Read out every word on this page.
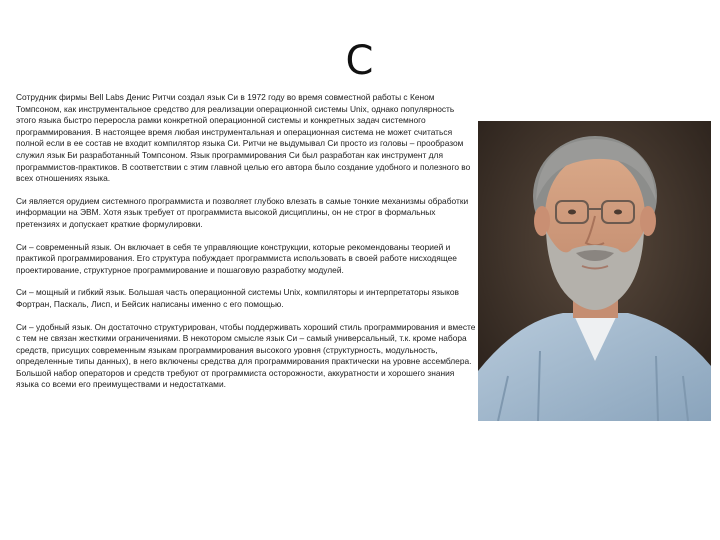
C

Сотрудник фирмы Bell Labs Денис Ритчи создал язык Си в 1972 году во время совместной работы с Кеном Томпсоном, как инструментальное средство для реализации операционной системы Unix, однако популярность этого языка быстро переросла рамки конкретной операционной системы и конкретных задач системного программирования. В настоящее время любая инструментальная и операционная система не может считаться полной если в ее состав не входит компилятор языка Си. Ритчи не выдумывал Си просто из головы – прообразом служил язык Би разработанный Томпсоном. Язык программирования Си был разработан как инструмент для программистов-практиков. В соответствии с этим главной целью его автора было создание удобного и полезного во всех отношениях языка.

Си является орудием системного программиста и позволяет глубоко влезать в самые тонкие механизмы обработки информации на ЭВМ. Хотя язык требует от программиста высокой дисциплины, он не строг в формальных претензиях и допускает краткие формулировки.

Си – современный язык. Он включает в себя те управляющие конструкции, которые рекомендованы теорией и практикой программирования. Его структура побуждает программиста использовать в своей работе нисходящее проектирование, структурное программирование и пошаговую разработку модулей.

Си – мощный и гибкий язык. Большая часть операционной системы Unix, компиляторы и интерпретаторы языков Фортран, Паскаль, Лисп, и Бейсик написаны именно с его помощью.

Си – удобный язык. Он достаточно структурирован, чтобы поддерживать хороший стиль программирования и вместе с тем не связан жесткими ограничениями. В некотором смысле язык Си – самый универсальный, т.к. кроме набора средств, присущих современным языкам программирования высокого уровня (структурность, модульность, определенные типы данных), в него включены средства для программирования практически на уровне ассемблера. Большой набор операторов и средств требуют от программиста осторожности, аккуратности и хорошего знания языка со всеми его преимуществами и недостатками.
